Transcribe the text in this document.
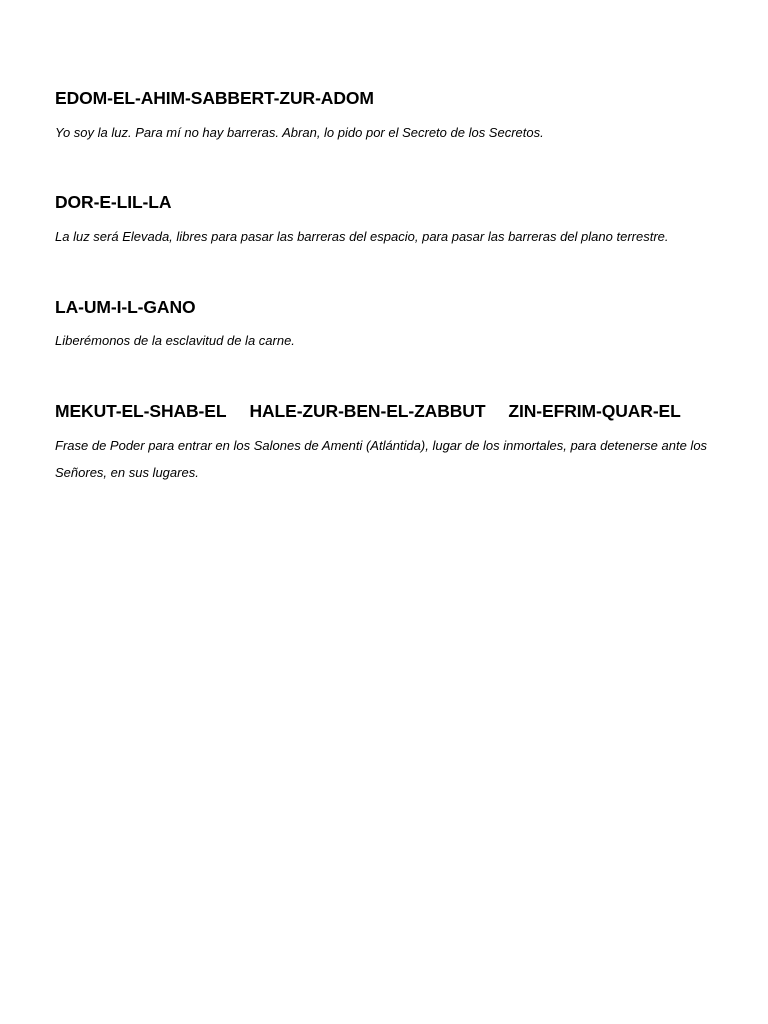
EDOM-EL-AHIM-SABBERT-ZUR-ADOM

Yo soy la luz. Para mí no hay barreras. Abran, lo pido por el Secreto de los Secretos.

DOR-E-LIL-LA

La luz será Elevada, libres para pasar las barreras del espacio, para pasar las barreras del plano terrestre.

LA-UM-I-L-GANO

Liberémonos de la esclavitud de la carne.

MEKUT-EL-SHAB-EL HALE-ZUR-BEN-EL-ZABBUT ZIN-EFRIM-QUAR-EL

Frase de Poder para entrar en los Salones de Amenti (Atlántida), lugar de los inmortales, para detenerse ante los Señores, en sus lugares.
